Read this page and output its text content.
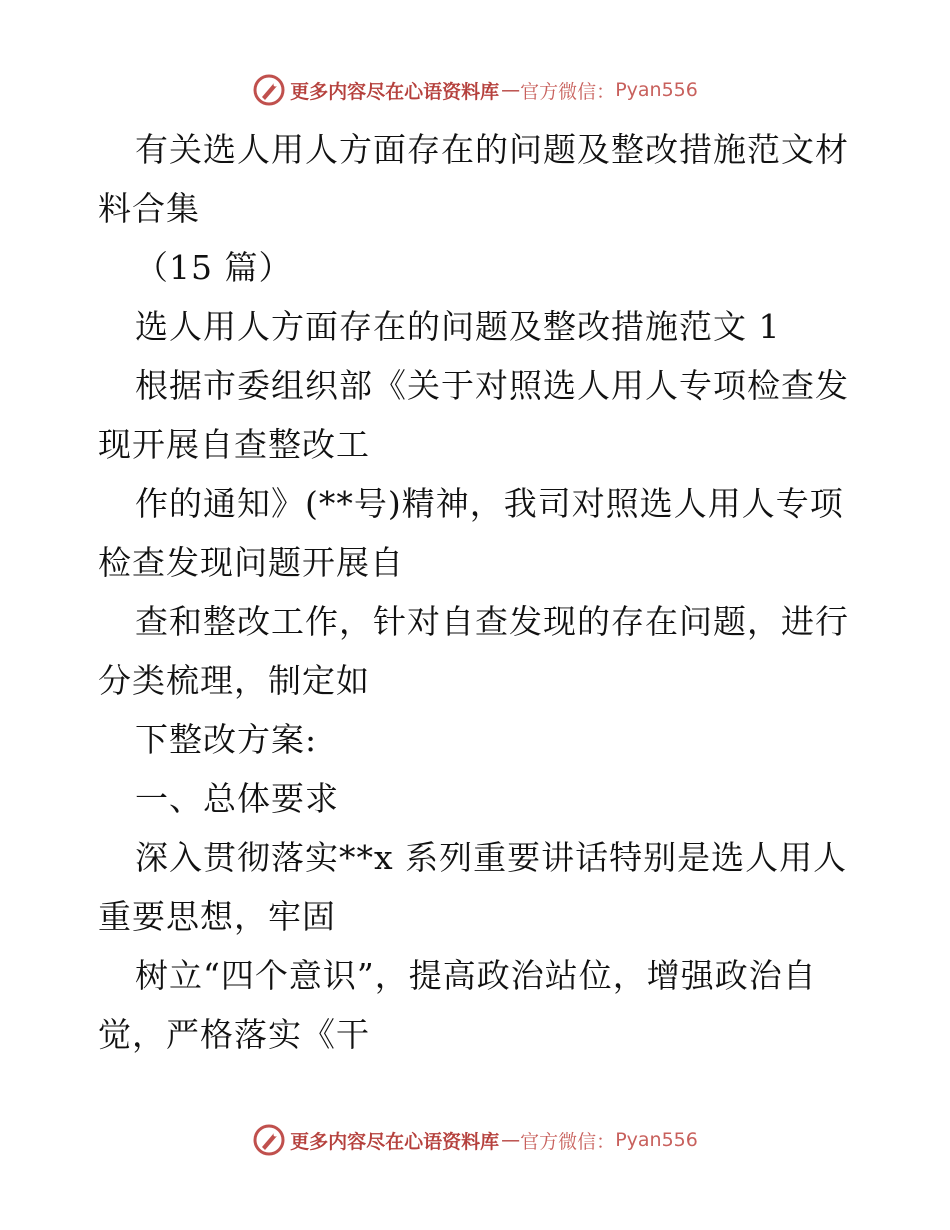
更多内容尽在心语资料库 — 官方微信： Pyan556
有关选人用人方面存在的问题及整改措施范文材
料合集
（15 篇）
选人用人方面存在的问题及整改措施范文 1
根据市委组织部《关于对照选人用人专项检查发
现开展自查整改工
作的通知》(**号)精神，我司对照选人用人专项
检查发现问题开展自
查和整改工作，针对自查发现的存在问题，进行
分类梳理，制定如
下整改方案:
一、总体要求
深入贯彻落实**x 系列重要讲话特别是选人用人
重要思想，牢固
树立“四个意识”，提高政治站位，增强政治自
觉，严格落实《干
更多内容尽在心语资料库 — 官方微信： Pyan556
